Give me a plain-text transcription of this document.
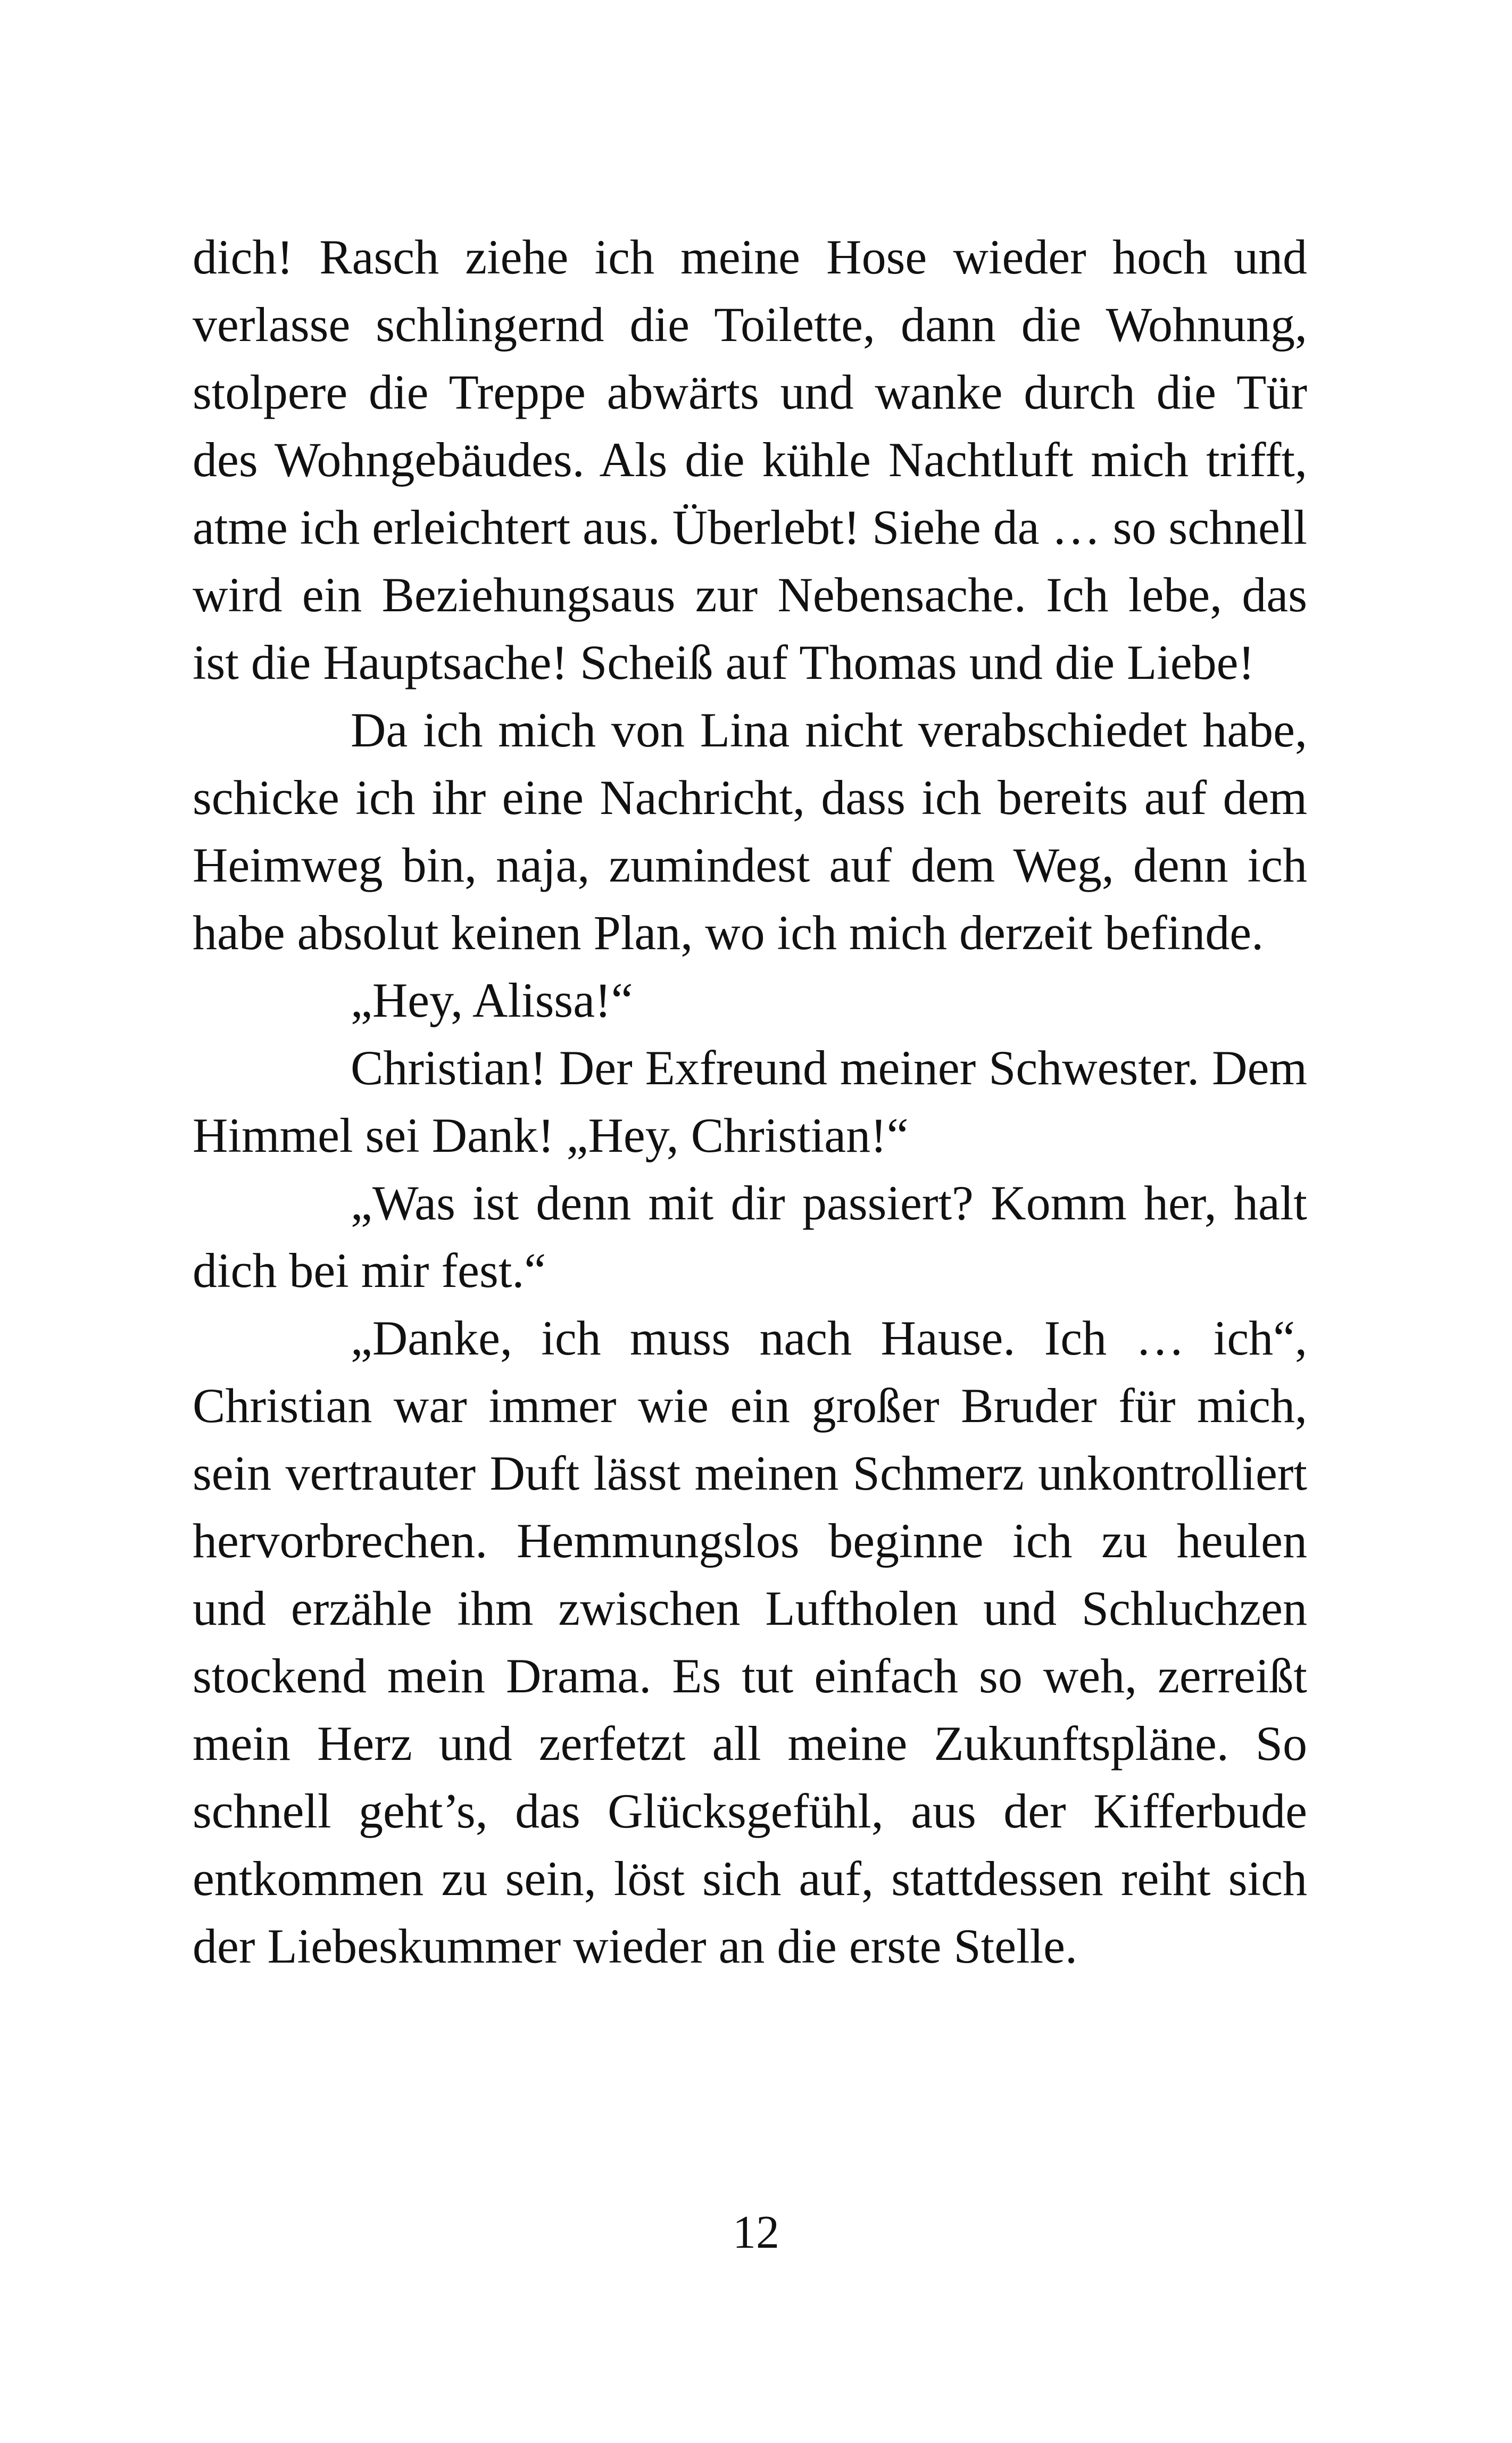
dich! Rasch ziehe ich meine Hose wieder hoch und verlasse schlingernd die Toilette, dann die Wohnung, stolpere die Treppe abwärts und wanke durch die Tür des Wohngebäudes. Als die kühle Nachtluft mich trifft, atme ich erleichtert aus. Überlebt! Siehe da … so schnell wird ein Beziehungsaus zur Nebensache. Ich lebe, das ist die Hauptsache! Scheiß auf Thomas und die Liebe!

Da ich mich von Lina nicht verabschiedet habe, schicke ich ihr eine Nachricht, dass ich bereits auf dem Heimweg bin, naja, zumindest auf dem Weg, denn ich habe absolut keinen Plan, wo ich mich derzeit befinde.

„Hey, Alissa!“

Christian! Der Exfreund meiner Schwester. Dem Himmel sei Dank! „Hey, Christian!“

„Was ist denn mit dir passiert? Komm her, halt dich bei mir fest.“

„Danke, ich muss nach Hause. Ich … ich“, Christian war immer wie ein großer Bruder für mich, sein vertrauter Duft lässt meinen Schmerz unkontrolliert hervorbrechen. Hemmungslos beginne ich zu heulen und erzähle ihm zwischen Luftholen und Schluchzen stockend mein Drama. Es tut einfach so weh, zerreißt mein Herz und zerfetzt all meine Zukunftspläne. So schnell geht’s, das Glücksgefühl, aus der Kifferbude entkommen zu sein, löst sich auf, stattdessen reiht sich der Liebeskummer wieder an die erste Stelle.

12
